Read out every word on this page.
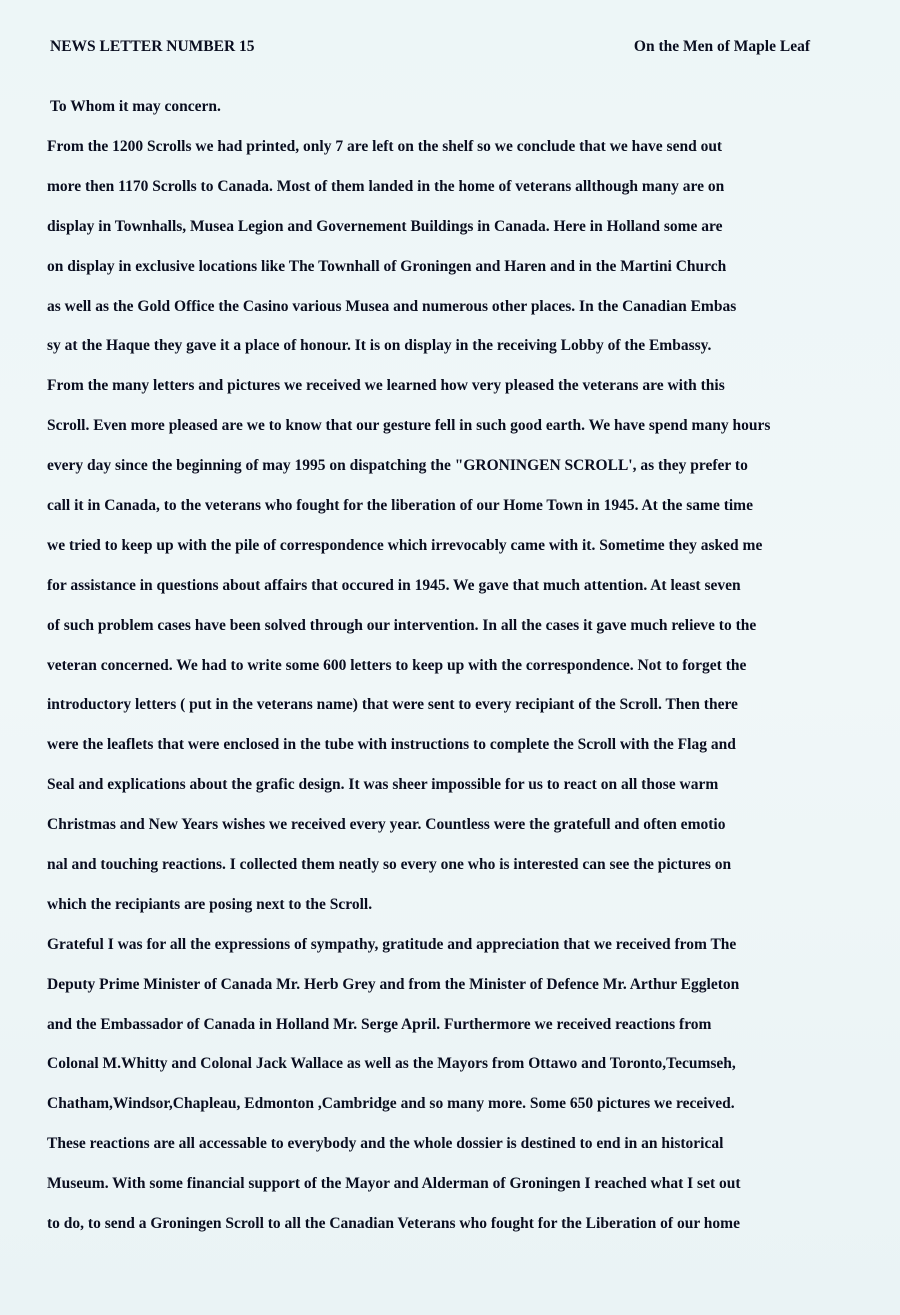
NEWS LETTER NUMBER 15	On the Men of Maple Leaf
To Whom it may concern.
From the 1200 Scrolls we had printed, only 7 are left on the shelf so we conclude that we have send out
more then 1170 Scrolls to Canada. Most of them landed in the home of veterans allthough many are on
display in Townhalls, Musea Legion and Governement Buildings in Canada. Here in Holland some are
on display in exclusive locations like The Townhall of Groningen and Haren and in the Martini Church
as well as the Gold Office the Casino various Musea and numerous other places. In the Canadian Embas
sy at the Haque they gave it a place of honour. It is on display in the receiving Lobby of the Embassy.
From the many letters and pictures we received we learned how very pleased the veterans are with this
Scroll. Even more pleased are we to know that our gesture fell in such good earth. We have spend many hours
every day since the beginning of may 1995 on dispatching the "GRONINGEN SCROLL', as they prefer to
call it in Canada, to the veterans who fought for the liberation of our Home Town in 1945. At the same time
we tried to keep up with the pile of correspondence which irrevocably came with it. Sometime they asked me
for assistance in questions about affairs that occured in 1945. We gave that much attention. At least seven
of such problem cases have been solved through our intervention. In all the cases it gave much relieve to the
veteran concerned. We had to write some 600 letters to keep up with the correspondence. Not to forget the
introductory letters ( put in the veterans name) that were sent to every recipiant of the Scroll. Then there
were the leaflets that were enclosed in the tube with instructions to complete the Scroll with the Flag and
Seal and explications about the grafic design. It was sheer impossible for us to react on all those warm
Christmas and New Years wishes we received every year. Countless were the gratefull and often emotio
nal and touching reactions. I collected them neatly so every one who is interested can see the pictures on
which the recipiants are posing next to the Scroll.
Grateful I was for all the expressions of sympathy, gratitude and appreciation that we received from The
Deputy Prime Minister of Canada Mr. Herb Grey and from the Minister of Defence Mr. Arthur Eggleton
and the Embassador of Canada in Holland Mr. Serge April. Furthermore we received reactions from
Colonal M.Whitty and Colonal Jack Wallace as well as the Mayors from Ottawo and Toronto,Tecumseh,
Chatham,Windsor,Chapleau, Edmonton ,Cambridge and so many more. Some 650 pictures we received.
These reactions are all accessable to everybody and the whole dossier is destined to end in an historical
Museum. With some financial support of the Mayor and Alderman of Groningen I reached what I set out
to do, to send a Groningen Scroll to all the Canadian Veterans who fought for the Liberation of our home
